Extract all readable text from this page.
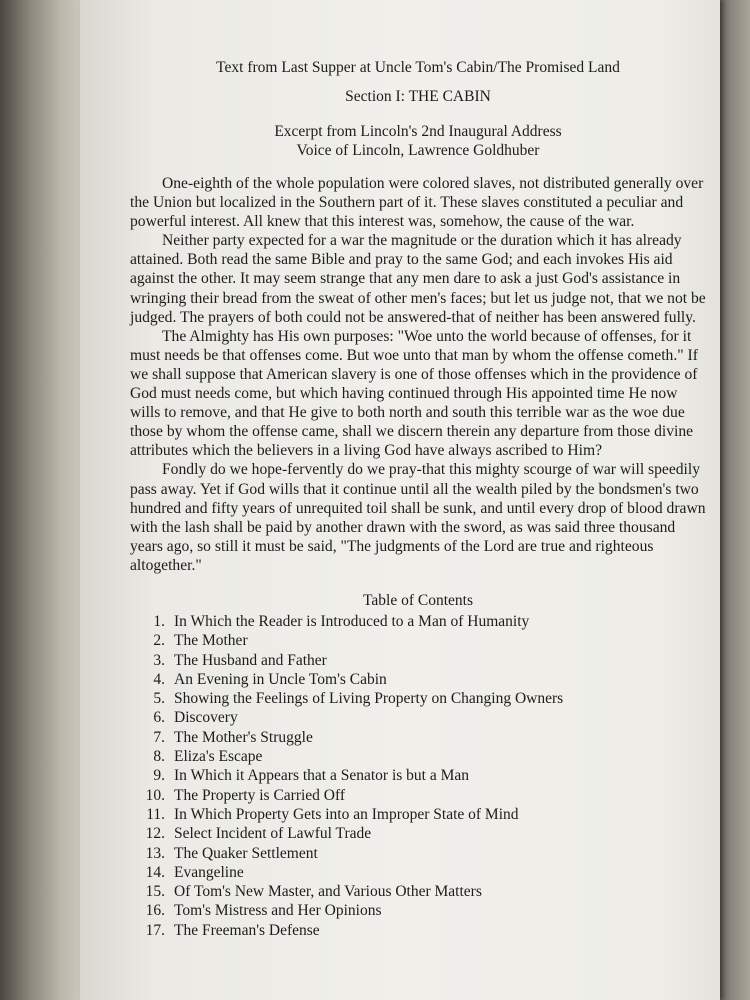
Text from Last Supper at Uncle Tom's Cabin/The Promised Land
Section I: THE CABIN
Excerpt from Lincoln's 2nd Inaugural Address
Voice of Lincoln, Lawrence Goldhuber

One-eighth of the whole population were colored slaves, not distributed generally over the Union but localized in the Southern part of it. These slaves constituted a peculiar and powerful interest. All knew that this interest was, somehow, the cause of the war.

Neither party expected for a war the magnitude or the duration which it has already attained. Both read the same Bible and pray to the same God; and each invokes His aid against the other. It may seem strange that any men dare to ask a just God's assistance in wringing their bread from the sweat of other men's faces; but let us judge not, that we not be judged. The prayers of both could not be answered-that of neither has been answered fully.

The Almighty has His own purposes: "Woe unto the world because of offenses, for it must needs be that offenses come. But woe unto that man by whom the offense cometh." If we shall suppose that American slavery is one of those offenses which in the providence of God must needs come, but which having continued through His appointed time He now wills to remove, and that He give to both north and south this terrible war as the woe due those by whom the offense came, shall we discern therein any departure from those divine attributes which the believers in a living God have always ascribed to Him?

Fondly do we hope-fervently do we pray-that this mighty scourge of war will speedily pass away. Yet if God wills that it continue until all the wealth piled by the bondsmen's two hundred and fifty years of unrequited toil shall be sunk, and until every drop of blood drawn with the lash shall be paid by another drawn with the sword, as was said three thousand years ago, so still it must be said, "The judgments of the Lord are true and righteous altogether."

Table of Contents
1. In Which the Reader is Introduced to a Man of Humanity
2. The Mother
3. The Husband and Father
4. An Evening in Uncle Tom's Cabin
5. Showing the Feelings of Living Property on Changing Owners
6. Discovery
7. The Mother's Struggle
8. Eliza's Escape
9. In Which it Appears that a Senator is but a Man
10. The Property is Carried Off
11. In Which Property Gets into an Improper State of Mind
12. Select Incident of Lawful Trade
13. The Quaker Settlement
14. Evangeline
15. Of Tom's New Master, and Various Other Matters
16. Tom's Mistress and Her Opinions
17. The Freeman's Defense
